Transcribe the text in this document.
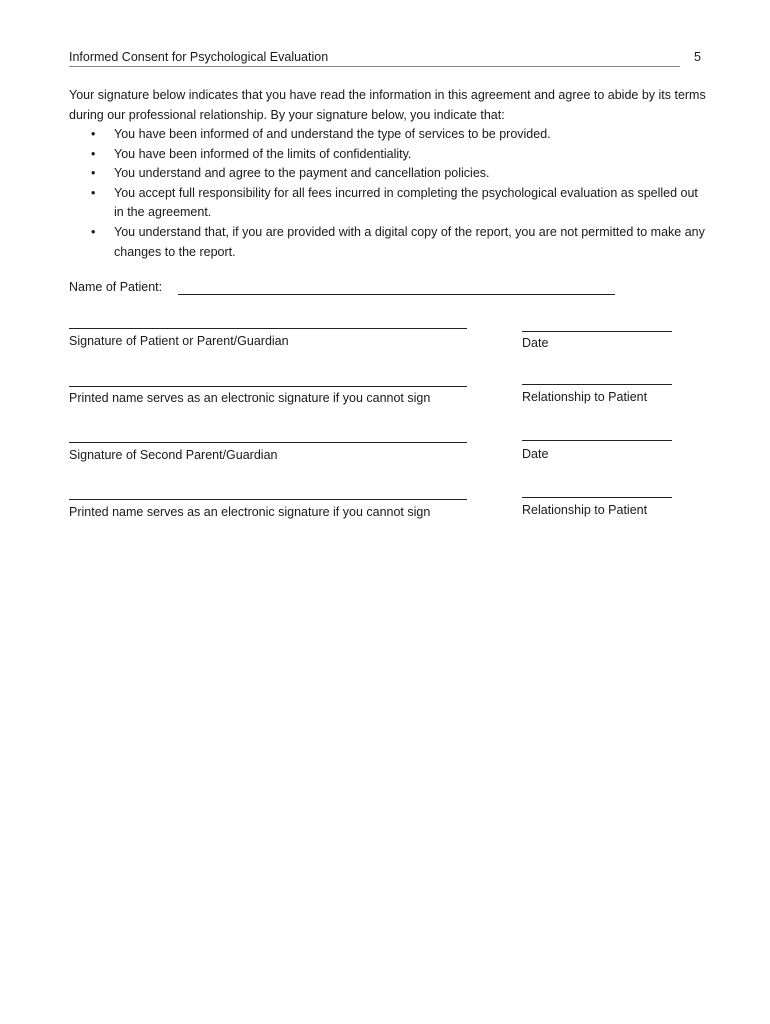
Informed Consent for Psychological Evaluation	5

Your signature below indicates that you have read the information in this agreement and agree to abide by its terms during our professional relationship. By your signature below, you indicate that:

• You have been informed of and understand the type of services to be provided.
• You have been informed of the limits of confidentiality.
• You understand and agree to the payment and cancellation policies.
• You accept full responsibility for all fees incurred in completing the psychological evaluation as spelled out in the agreement.
• You understand that, if you are provided with a digital copy of the report, you are not permitted to make any changes to the report.
Name of Patient:
Signature of Patient or Parent/Guardian	Date
Printed name serves as an electronic signature if you cannot sign	Relationship to Patient
Signature of Second Parent/Guardian	Date
Printed name serves as an electronic signature if you cannot sign	Relationship to Patient
